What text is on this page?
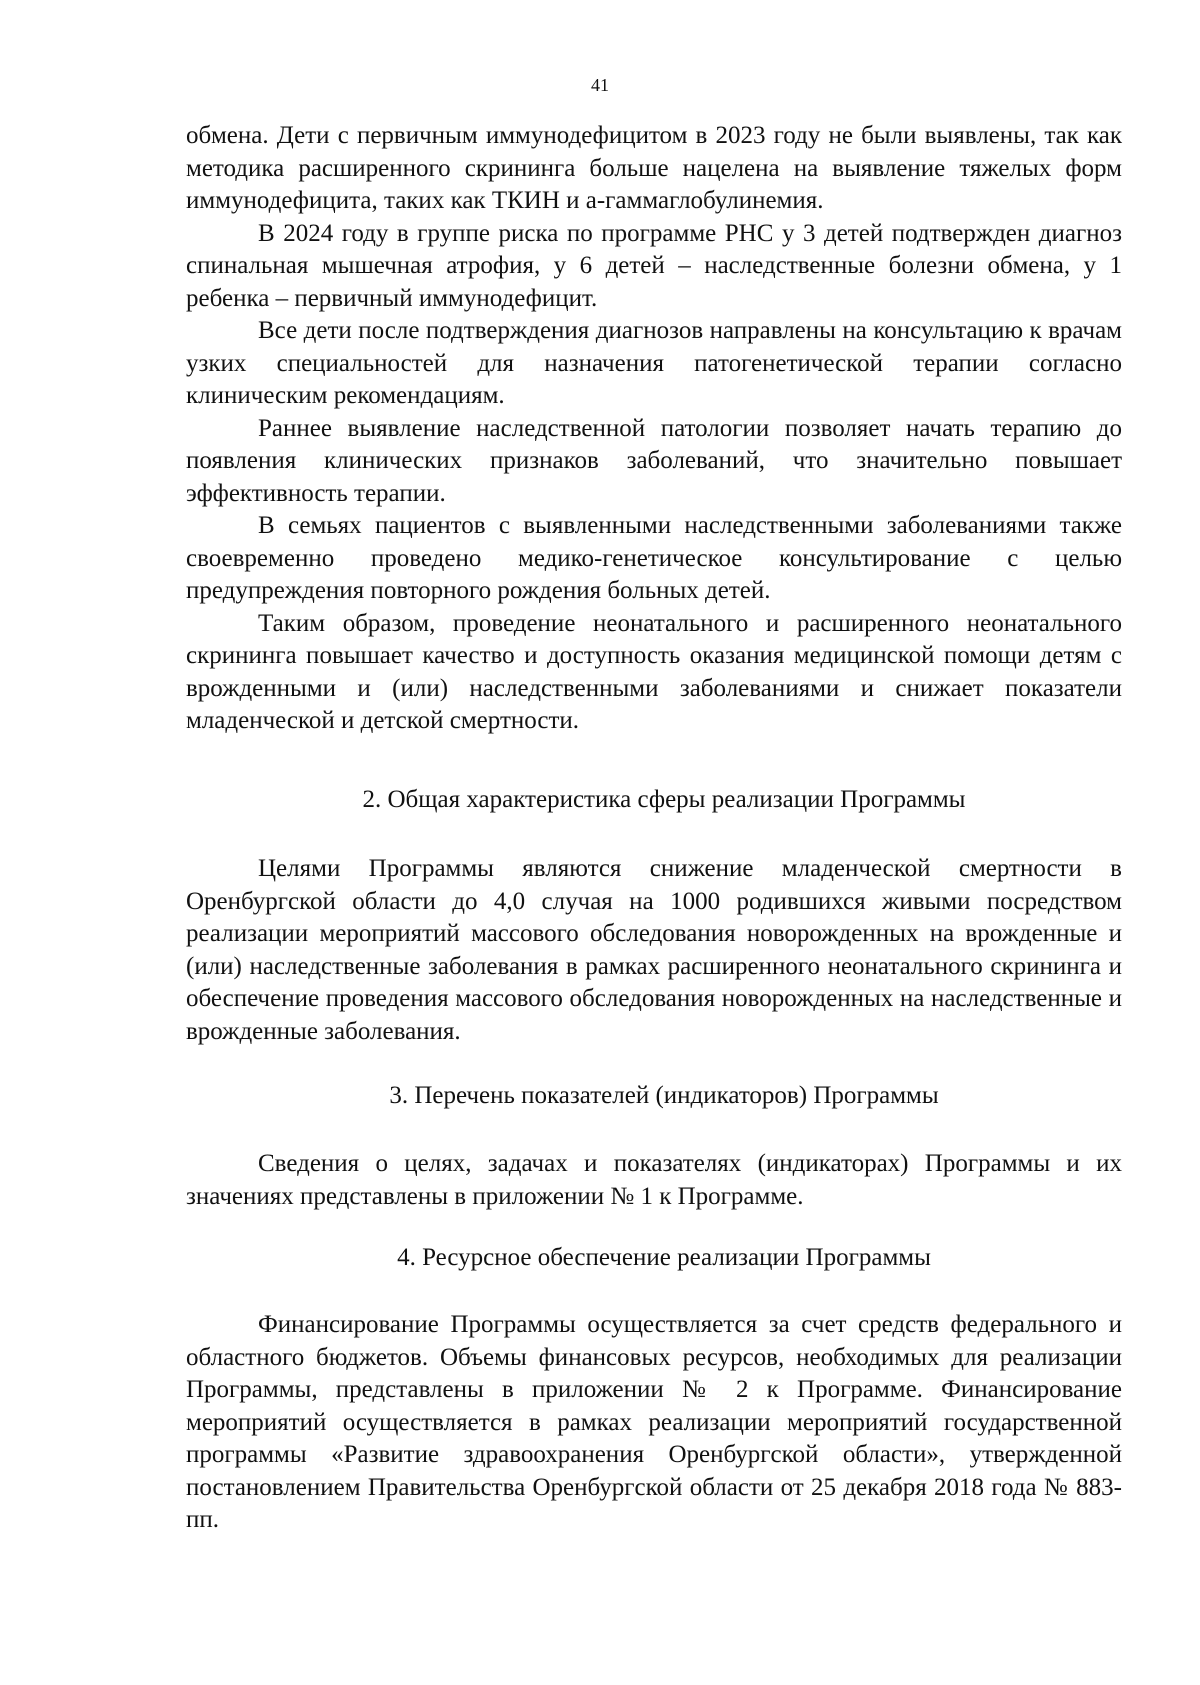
41

обмена. Дети с первичным иммунодефицитом в 2023 году не были выявлены, так как методика расширенного скрининга больше нацелена на выявление тяжелых форм иммунодефицита, таких как ТКИН и а-гаммаглобулинемия.

В 2024 году в группе риска по программе РНС у 3 детей подтвержден диагноз спинальная мышечная атрофия, у 6 детей – наследственные болезни обмена, у 1 ребенка – первичный иммунодефицит.

Все дети после подтверждения диагнозов направлены на консультацию к врачам узких специальностей для назначения патогенетической терапии согласно клиническим рекомендациям.

Раннее выявление наследственной патологии позволяет начать терапию до появления клинических признаков заболеваний, что значительно повышает эффективность терапии.

В семьях пациентов с выявленными наследственными заболеваниями также своевременно проведено медико-генетическое консультирование с целью предупреждения повторного рождения больных детей.

Таким образом, проведение неонатального и расширенного неонатального скрининга повышает качество и доступность оказания медицинской помощи детям с врожденными и (или) наследственными заболеваниями и снижает показатели младенческой и детской смертности.

2. Общая характеристика сферы реализации Программы

Целями Программы являются снижение младенческой смертности в Оренбургской области до 4,0 случая на 1000 родившихся живыми посредством реализации мероприятий массового обследования новорожденных на врожденные и (или) наследственные заболевания в рамках расширенного неонатального скрининга и обеспечение проведения массового обследования новорожденных на наследственные и врожденные заболевания.

3. Перечень показателей (индикаторов) Программы

Сведения о целях, задачах и показателях (индикаторах) Программы и их значениях представлены в приложении № 1 к Программе.

4. Ресурсное обеспечение реализации Программы

Финансирование Программы осуществляется за счет средств федерального и областного бюджетов. Объемы финансовых ресурсов, необходимых для реализации Программы, представлены в приложении № 2 к Программе. Финансирование мероприятий осуществляется в рамках реализации мероприятий государственной программы «Развитие здравоохранения Оренбургской области», утвержденной постановлением Правительства Оренбургской области от 25 декабря 2018 года № 883-пп.
